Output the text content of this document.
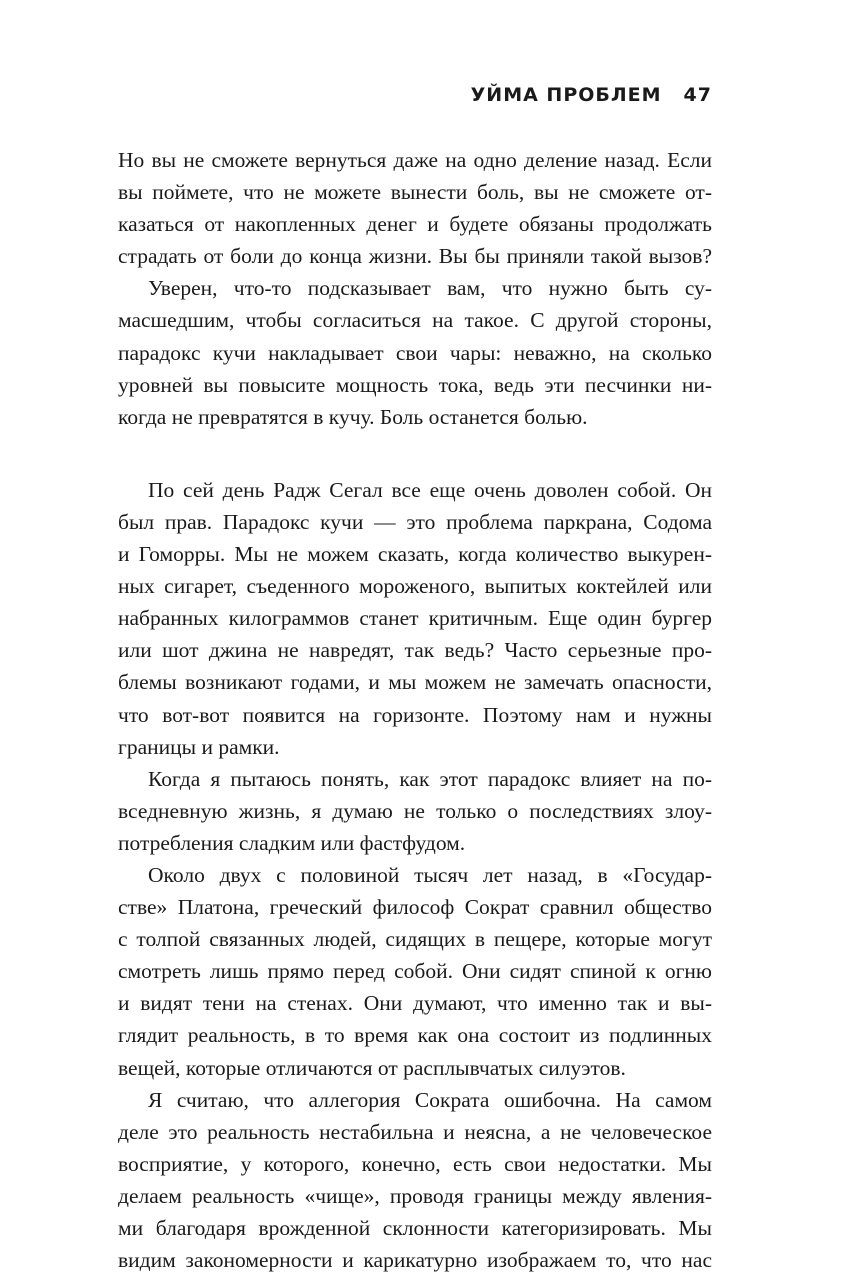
УЙМА ПРОБЛЕМ 47
Но вы не сможете вернуться даже на одно деление назад. Если
вы поймете, что не можете вынести боль, вы не сможете от-
казаться от накопленных денег и будете обязаны продолжать
страдать от боли до конца жизни. Вы бы приняли такой вызов?
Уверен, что-то подсказывает вам, что нужно быть су-
масшедшим, чтобы согласиться на такое. С другой стороны,
парадокс кучи накладывает свои чары: неважно, на сколько
уровней вы повысите мощность тока, ведь эти песчинки ни-
когда не превратятся в кучу. Боль останется болью.
По сей день Радж Сегал все еще очень доволен собой. Он
был прав. Парадокс кучи — это проблема паркрана, Содома
и Гоморры. Мы не можем сказать, когда количество выкурен-
ных сигарет, съеденного мороженого, выпитых коктейлей или
набранных килограммов станет критичным. Еще один бургер
или шот джина не навредят, так ведь? Часто серьезные про-
блемы возникают годами, и мы можем не замечать опасности,
что вот-вот появится на горизонте. Поэтому нам и нужны
границы и рамки.
Когда я пытаюсь понять, как этот парадокс влияет на по-
вседневную жизнь, я думаю не только о последствиях злоу-
потребления сладким или фастфудом.
Около двух с половиной тысяч лет назад, в «Государ-
стве» Платона, греческий философ Сократ сравнил общество
с толпой связанных людей, сидящих в пещере, которые могут
смотреть лишь прямо перед собой. Они сидят спиной к огню
и видят тени на стенах. Они думают, что именно так и вы-
глядит реальность, в то время как она состоит из подлинных
вещей, которые отличаются от расплывчатых силуэтов.
Я считаю, что аллегория Сократа ошибочна. На самом
деле это реальность нестабильна и неясна, а не человеческое
восприятие, у которого, конечно, есть свои недостатки. Мы
делаем реальность «чище», проводя границы между явления-
ми благодаря врожденной склонности категоризировать. Мы
видим закономерности и карикатурно изображаем то, что нас
